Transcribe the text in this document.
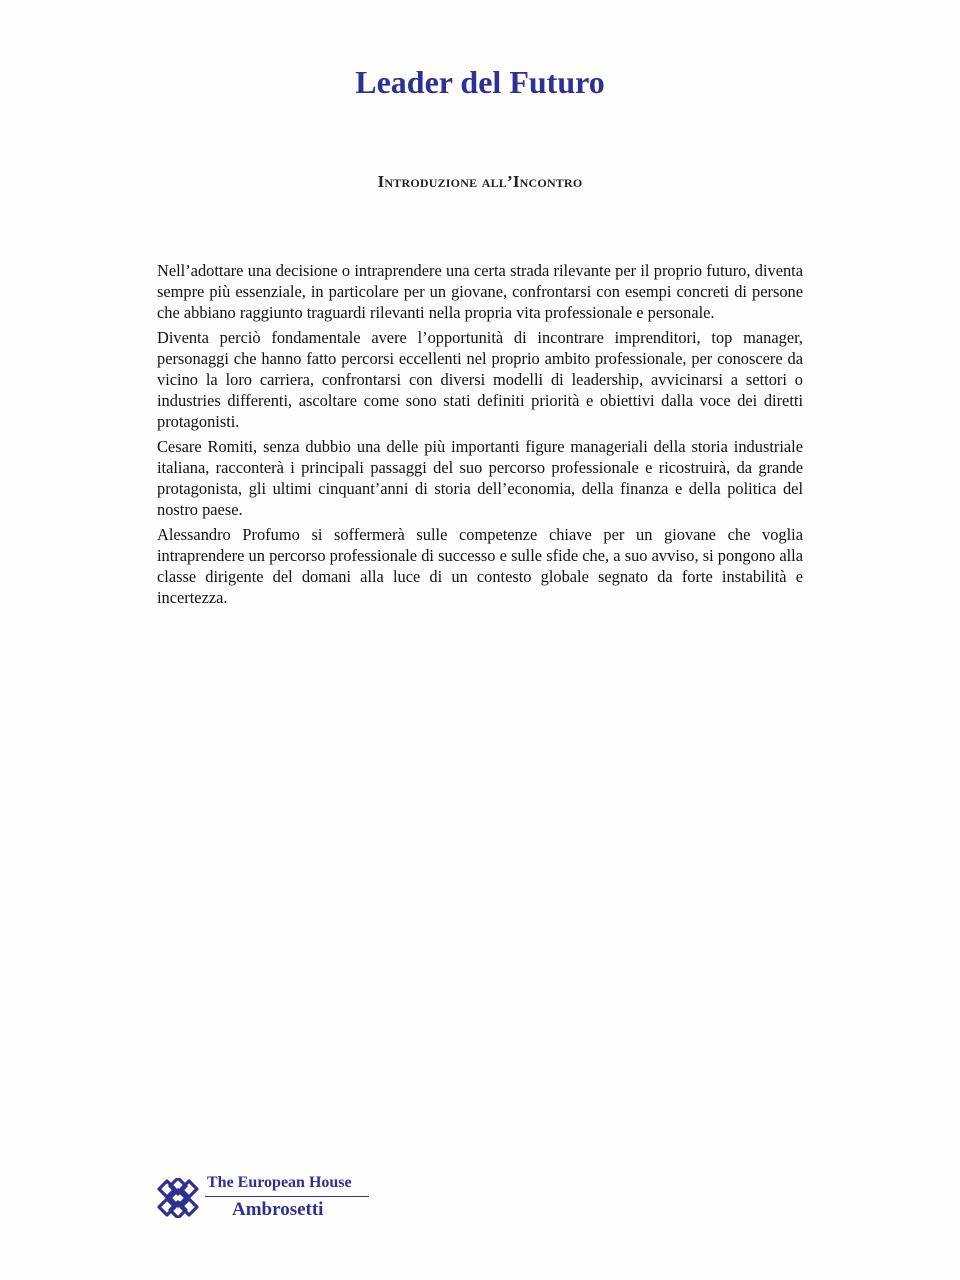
Leader del Futuro
Introduzione all’Incontro

Nell’adottare una decisione o intraprendere una certa strada rilevante per il proprio futuro, diventa sempre più essenziale, in particolare per un giovane, confrontarsi con esempi concreti di persone che abbiano raggiunto traguardi rilevanti nella propria vita professionale e personale.

Diventa perciò fondamentale avere l’opportunità di incontrare imprenditori, top manager, personaggi che hanno fatto percorsi eccellenti nel proprio ambito professionale, per conoscere da vicino la loro carriera, confrontarsi con diversi modelli di leadership, avvicinarsi a settori o industries differenti, ascoltare come sono stati definiti priorità e obiettivi dalla voce dei diretti protagonisti.

Cesare Romiti, senza dubbio una delle più importanti figure manageriali della storia industriale italiana, racconterà i principali passaggi del suo percorso professionale e ricostruirà, da grande protagonista, gli ultimi cinquant’anni di storia dell’economia, della finanza e della politica del nostro paese.

Alessandro Profumo si soffermerà sulle competenze chiave per un giovane che voglia intraprendere un percorso professionale di successo e sulle sfide che, a suo avviso, si pongono alla classe dirigente del domani alla luce di un contesto globale segnato da forte instabilità e incertezza.

The European House
Ambrosetti
